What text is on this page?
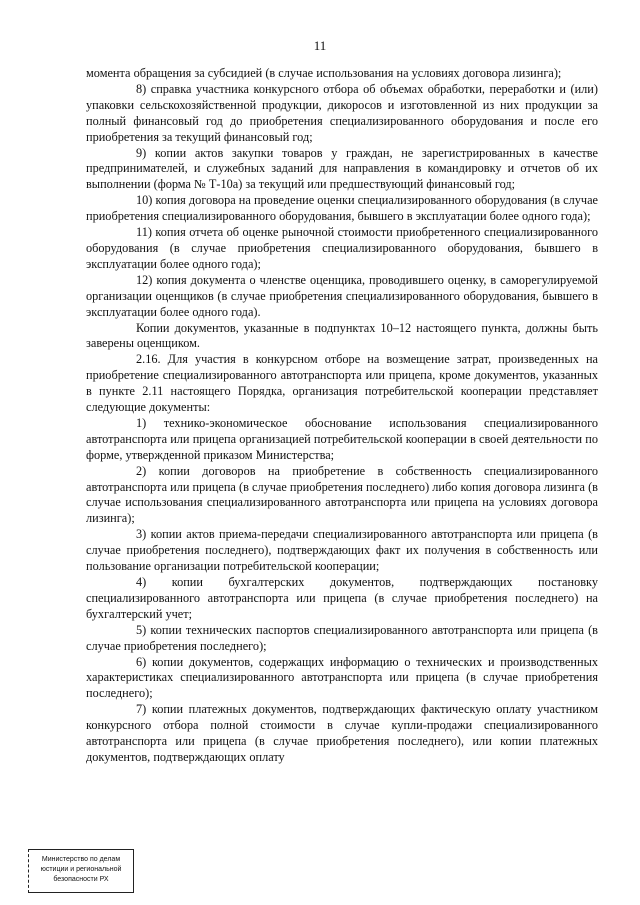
11

момента обращения за субсидией (в случае использования на условиях договора лизинга);

8) справка участника конкурсного отбора об объемах обработки, переработки и (или) упаковки сельскохозяйственной продукции, дикоросов и изготовленной из них продукции за полный финансовый год до приобретения специализированного оборудования и после его приобретения за текущий финансовый год;

9) копии актов закупки товаров у граждан, не зарегистрированных в качестве предпринимателей, и служебных заданий для направления в командировку и отчетов об их выполнении (форма № Т-10а) за текущий или предшествующий финансовый год;

10) копия договора на проведение оценки специализированного оборудования (в случае приобретения специализированного оборудования, бывшего в эксплуатации более одного года);

11) копия отчета об оценке рыночной стоимости приобретенного специализированного оборудования (в случае приобретения специализированного оборудования, бывшего в эксплуатации более одного года);

12) копия документа о членстве оценщика, проводившего оценку, в саморегулируемой организации оценщиков (в случае приобретения специализированного оборудования, бывшего в эксплуатации более одного года).

Копии документов, указанные в подпунктах 10–12 настоящего пункта, должны быть заверены оценщиком.

2.16. Для участия в конкурсном отборе на возмещение затрат, произведенных на приобретение специализированного автотранспорта или прицепа, кроме документов, указанных в пункте 2.11 настоящего Порядка, организация потребительской кооперации представляет следующие документы:

1) технико-экономическое обоснование использования специализированного автотранспорта или прицепа организацией потребительской кооперации в своей деятельности по форме, утвержденной приказом Министерства;

2) копии договоров на приобретение в собственность специализированного автотранспорта или прицепа (в случае приобретения последнего) либо копия договора лизинга (в случае использования специализированного автотранспорта или прицепа на условиях договора лизинга);

3) копии актов приема-передачи специализированного автотранспорта или прицепа (в случае приобретения последнего), подтверждающих факт их получения в собственность или пользование организации потребительской кооперации;

4) копии бухгалтерских документов, подтверждающих постановку специализированного автотранспорта или прицепа (в случае приобретения последнего) на бухгалтерский учет;

5) копии технических паспортов специализированного автотранспорта или прицепа (в случае приобретения последнего);

6) копии документов, содержащих информацию о технических и производственных характеристиках специализированного автотранспорта или прицепа (в случае приобретения последнего);

7) копии платежных документов, подтверждающих фактическую оплату участником конкурсного отбора полной стоимости в случае купли-продажи специализированного автотранспорта или прицепа (в случае приобретения последнего), или копии платежных документов, подтверждающих оплату

Министерство по делам
юстиции и региональной
безопасности РХ
